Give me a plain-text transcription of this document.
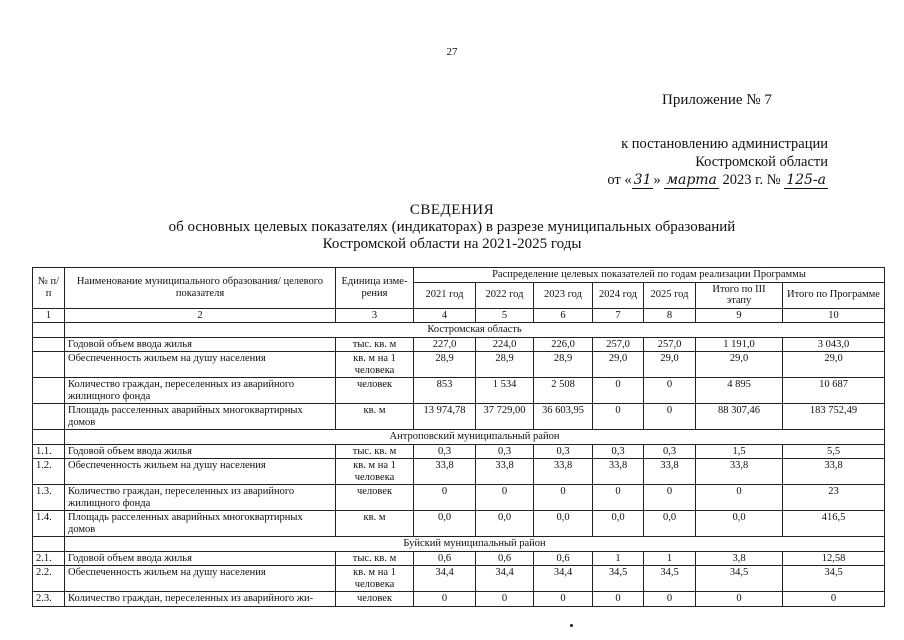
27
Приложение № 7
к постановлению администрации
Костромской области
от « 31 » марта 2023 г. № 125-а
СВЕДЕНИЯ
об основных целевых показателях (индикаторах) в разрезе муниципальных образований
Костромской области на 2021-2025 годы
№ п/п	Наименование муниципального образования/ целевого показателя	Единица изме-рения	Распределение целевых показателей по годам реализации Программы						
			2021 год	2022 год	2023 год	2024 год	2025 год	Итого по III этапу	Итого по Программе
1	2	3	4	5	6	7	8	9	10
	Костромская область								
	Годовой объем ввода жилья	тыс. кв. м	227,0	224,0	226,0	257,0	257,0	1 191,0	3 043,0
	Обеспеченность жильем на душу населения	кв. м на 1 человека	28,9	28,9	28,9	29,0	29,0	29,0	29,0
	Количество граждан, переселенных из аварийного жилищного фонда	человек	853	1 534	2 508	0	0	4 895	10 687
	Площадь расселенных аварийных многоквартирных домов	кв. м	13 974,78	37 729,00	36 603,95	0	0	88 307,46	183 752,49
	Антроповский муниципальный район								
1.1.	Годовой объем ввода жилья	тыс. кв. м	0,3	0,3	0,3	0,3	0,3	1,5	5,5
1.2.	Обеспеченность жильем на душу населения	кв. м на 1 человека	33,8	33,8	33,8	33,8	33,8	33,8	33,8
1.3.	Количество граждан, переселенных из аварийного жилищного фонда	человек	0	0	0	0	0	0	23
1.4.	Площадь расселенных аварийных многоквартирных домов	кв. м	0,0	0,0	0,0	0,0	0,0	0,0	416,5
	Буйский муниципальный район								
2.1.	Годовой объем ввода жилья	тыс. кв. м	0,6	0,6	0,6	1	1	3,8	12,58
2.2.	Обеспеченность жильем на душу населения	кв. м на 1 человека	34,4	34,4	34,4	34,5	34,5	34,5	34,5
2.3.	Количество граждан, переселенных из аварийного жи-	человек	0	0	0	0	0	0	0
